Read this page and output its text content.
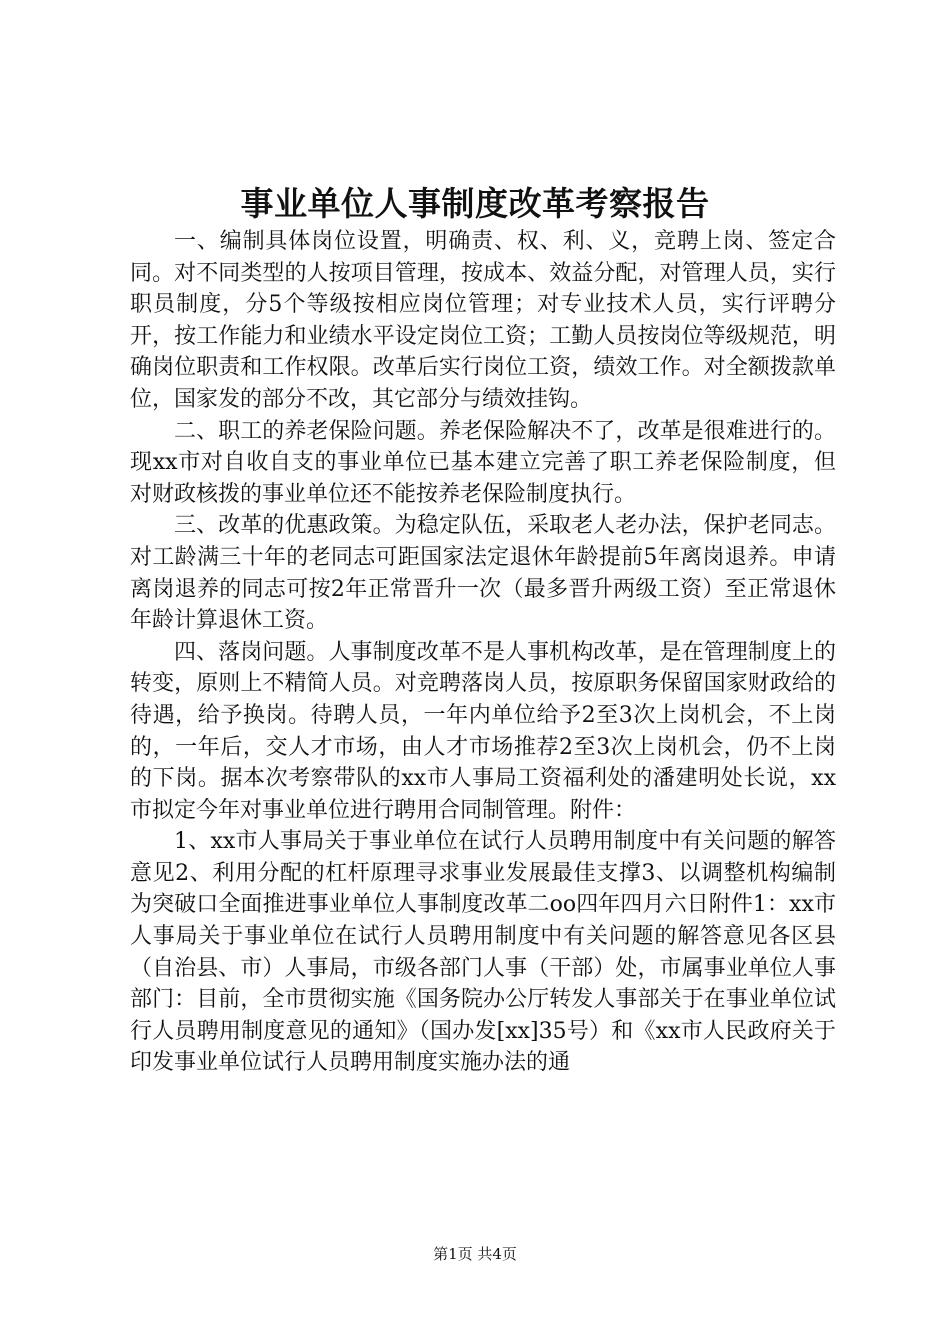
事业单位人事制度改革考察报告

一、编制具体岗位设置，明确责、权、利、义，竞聘上岗、签定合同。对不同类型的人按项目管理，按成本、效益分配，对管理人员，实行职员制度，分5个等级按相应岗位管理；对专业技术人员，实行评聘分开，按工作能力和业绩水平设定岗位工资；工勤人员按岗位等级规范，明确岗位职责和工作权限。改革后实行岗位工资，绩效工作。对全额拨款单位，国家发的部分不改，其它部分与绩效挂钩。

二、职工的养老保险问题。养老保险解决不了，改革是很难进行的。现xx市对自收自支的事业单位已基本建立完善了职工养老保险制度，但对财政核拨的事业单位还不能按养老保险制度执行。

三、改革的优惠政策。为稳定队伍，采取老人老办法，保护老同志。对工龄满三十年的老同志可距国家法定退休年龄提前5年离岗退养。申请离岗退养的同志可按2年正常晋升一次（最多晋升两级工资）至正常退休年龄计算退休工资。

四、落岗问题。人事制度改革不是人事机构改革，是在管理制度上的转变，原则上不精简人员。对竞聘落岗人员，按原职务保留国家财政给的待遇，给予换岗。待聘人员，一年内单位给予2至3次上岗机会，不上岗的，一年后，交人才市场，由人才市场推荐2至3次上岗机会，仍不上岗的下岗。据本次考察带队的xx市人事局工资福利处的潘建明处长说，xx市拟定今年对事业单位进行聘用合同制管理。附件：

1、xx市人事局关于事业单位在试行人员聘用制度中有关问题的解答意见2、利用分配的杠杆原理寻求事业发展最佳支撑3、以调整机构编制为突破口全面推进事业单位人事制度改革二oo四年四月六日附件1：xx市人事局关于事业单位在试行人员聘用制度中有关问题的解答意见各区县（自治县、市）人事局，市级各部门人事（干部）处，市属事业单位人事部门：目前，全市贯彻实施《国务院办公厅转发人事部关于在事业单位试行人员聘用制度意见的通知》（国办发[xx]35号）和《xx市人民政府关于印发事业单位试行人员聘用制度实施办法的通

第1页 共4页
